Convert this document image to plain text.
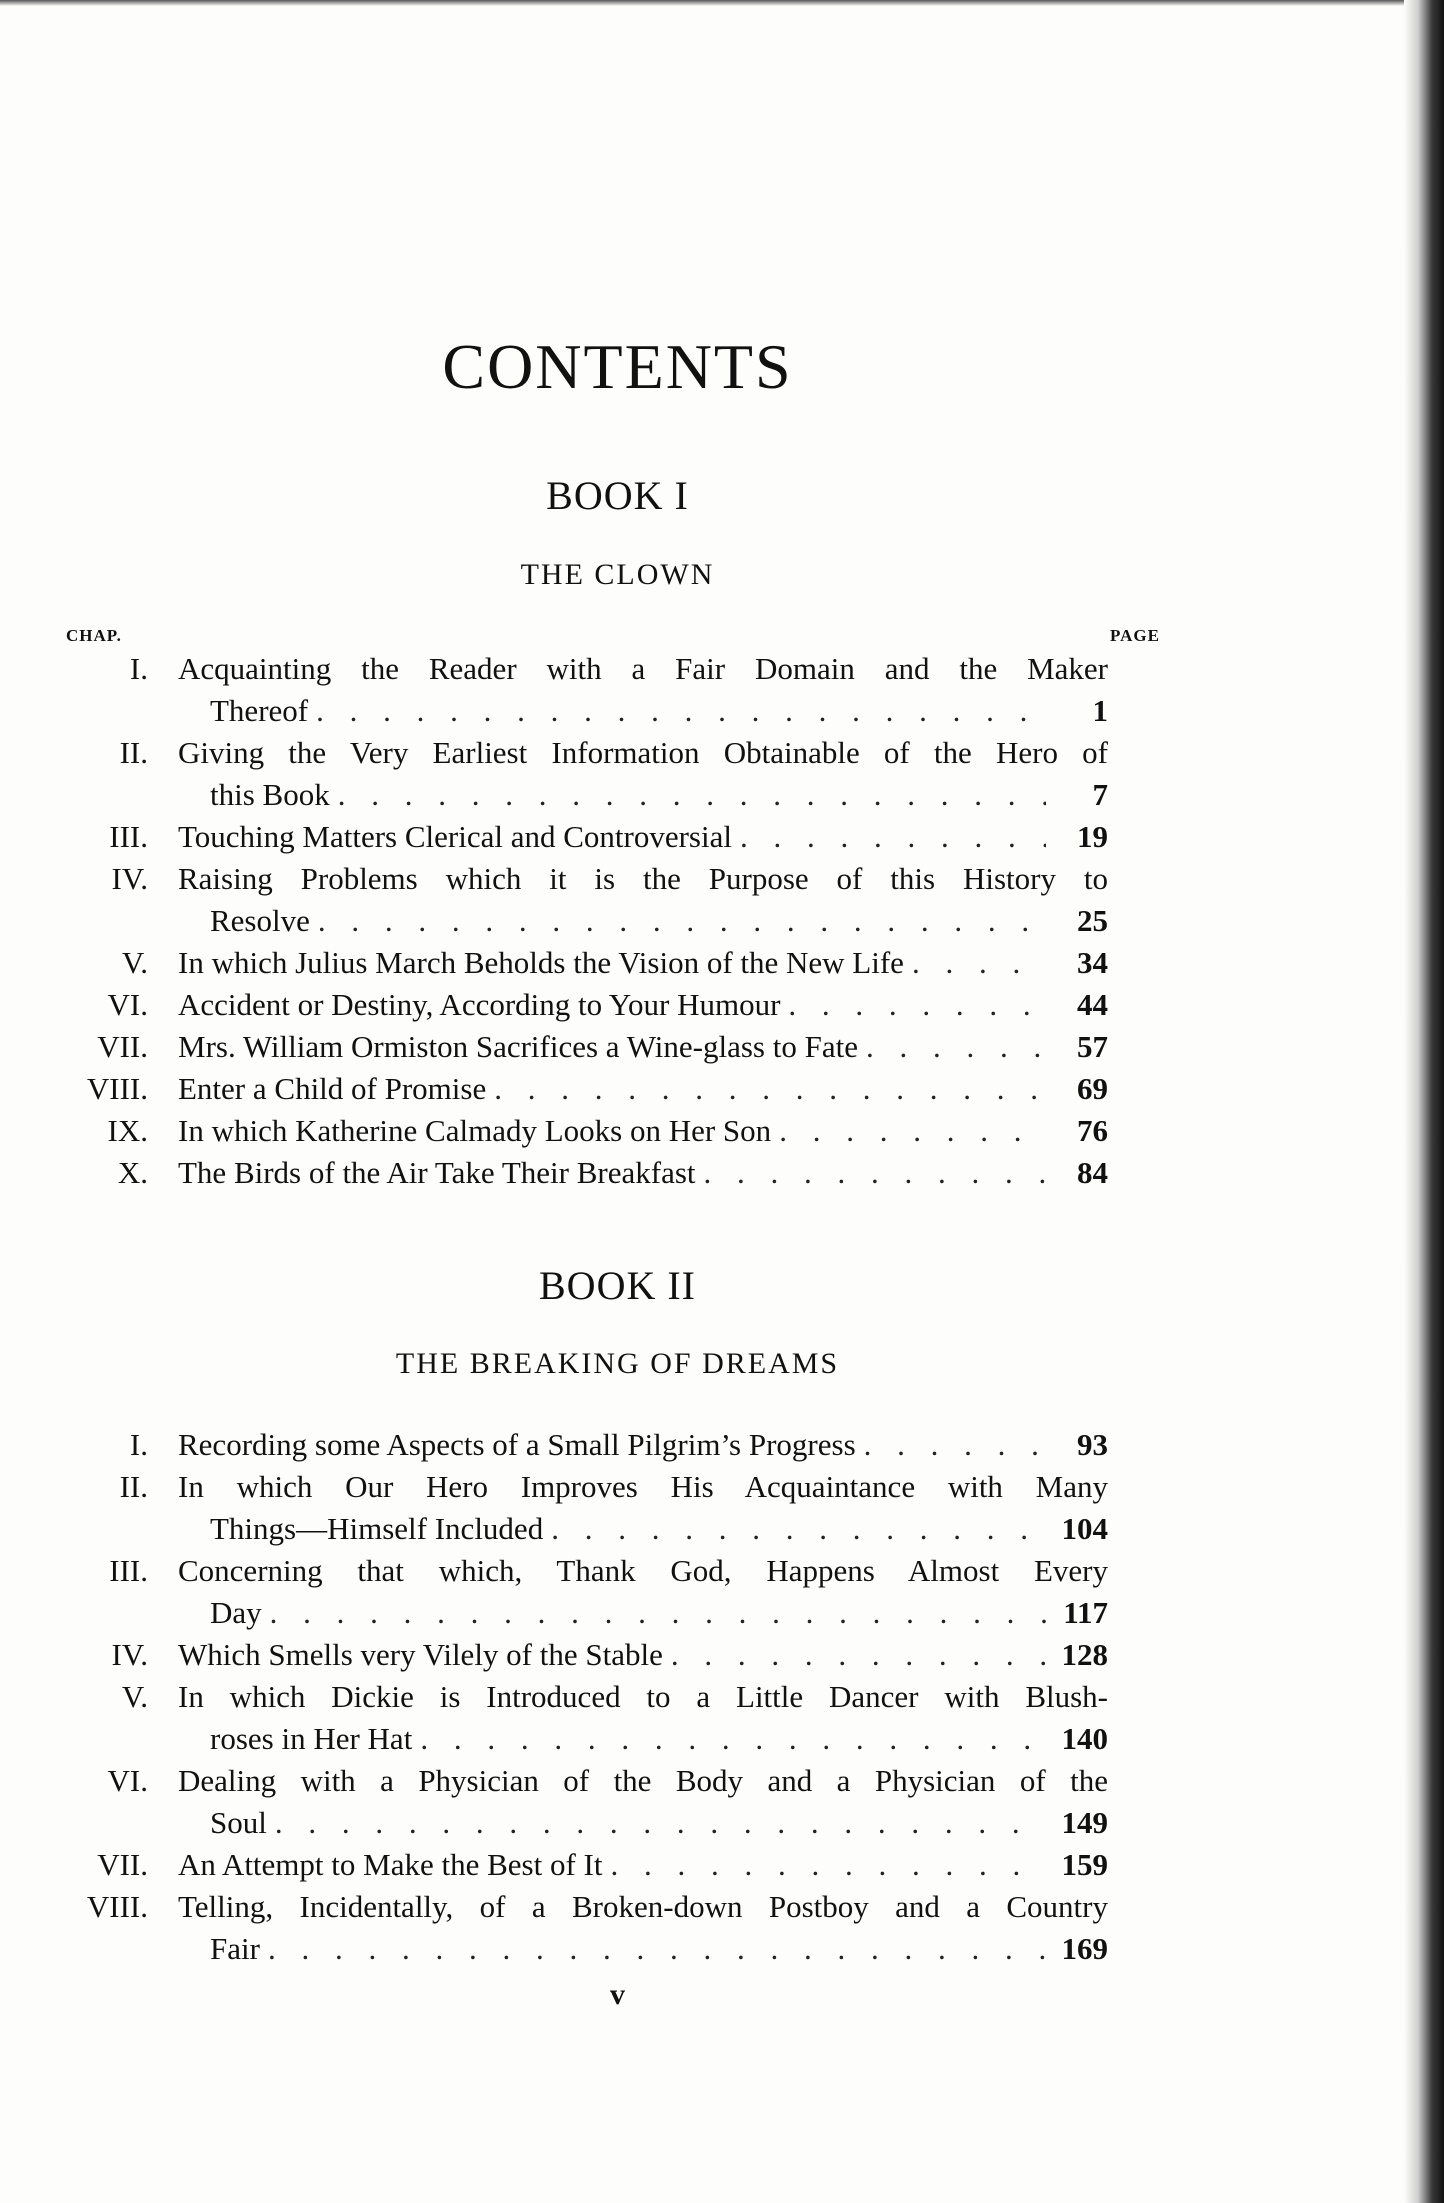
CONTENTS
BOOK I
THE CLOWN
CHAP.	PAGE
I. Acquainting the Reader with a Fair Domain and the Maker
Thereof . . .	1
II. Giving the Very Earliest Information Obtainable of the Hero of
this Book . . .	7
III. Touching Matters Clerical and Controversial . . .	19
IV. Raising Problems which it is the Purpose of this History to
Resolve . . .	25
V. In which Julius March Beholds the Vision of the New Life . . .	34
VI. Accident or Destiny, According to Your Humour . . .	44
VII. Mrs. William Ormiston Sacrifices a Wine-glass to Fate . . .	57
VIII. Enter a Child of Promise . . .	69
IX. In which Katherine Calmady Looks on Her Son . . .	76
X. The Birds of the Air Take Their Breakfast . . .	84
BOOK II
THE BREAKING OF DREAMS
I. Recording some Aspects of a Small Pilgrim’s Progress . . .	93
II. In which Our Hero Improves His Acquaintance with Many
Things—Himself Included . . .	104
III. Concerning that which, Thank God, Happens Almost Every
Day . . .	117
IV. Which Smells very Vilely of the Stable . . .	128
V. In which Dickie is Introduced to a Little Dancer with Blush-
roses in Her Hat . . .	140
VI. Dealing with a Physician of the Body and a Physician of the
Soul . . .	149
VII. An Attempt to Make the Best of It . . .	159
VIII. Telling, Incidentally, of a Broken-down Postboy and a Country
Fair . . .	169
v
